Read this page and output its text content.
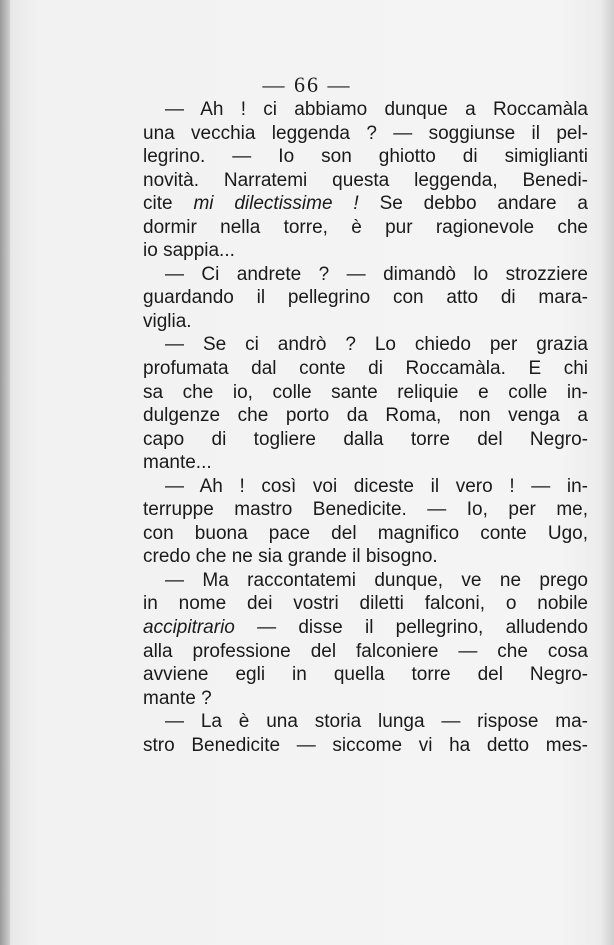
— 66 —
— Ah ! ci abbiamo dunque a Roccamàla
una vecchia leggenda ? — soggiunse il pel-
legrino. — Io son ghiotto di simiglianti
novità. Narratemi questa leggenda, Benedi-
cite mi dilectissime ! Se debbo andare a
dormir nella torre, è pur ragionevole che
io sappia...
— Ci andrete ? — dimandò lo strozziere
guardando il pellegrino con atto di mara-
viglia.
— Se ci andrò ? Lo chiedo per grazia
profumata dal conte di Roccamàla. E chi
sa che io, colle sante reliquie e colle in-
dulgenze che porto da Roma, non venga a
capo di togliere dalla torre del Negro-
mante...
— Ah ! così voi diceste il vero ! — in-
terruppe mastro Benedicite. — Io, per me,
con buona pace del magnifico conte Ugo,
credo che ne sia grande il bisogno.
— Ma raccontatemi dunque, ve ne prego
in nome dei vostri diletti falconi, o nobile
accipitrario — disse il pellegrino, alludendo
alla professione del falconiere — che cosa
avviene egli in quella torre del Negro-
mante ?
— La è una storia lunga — rispose ma-
stro Benedicite — siccome vi ha detto mes-
